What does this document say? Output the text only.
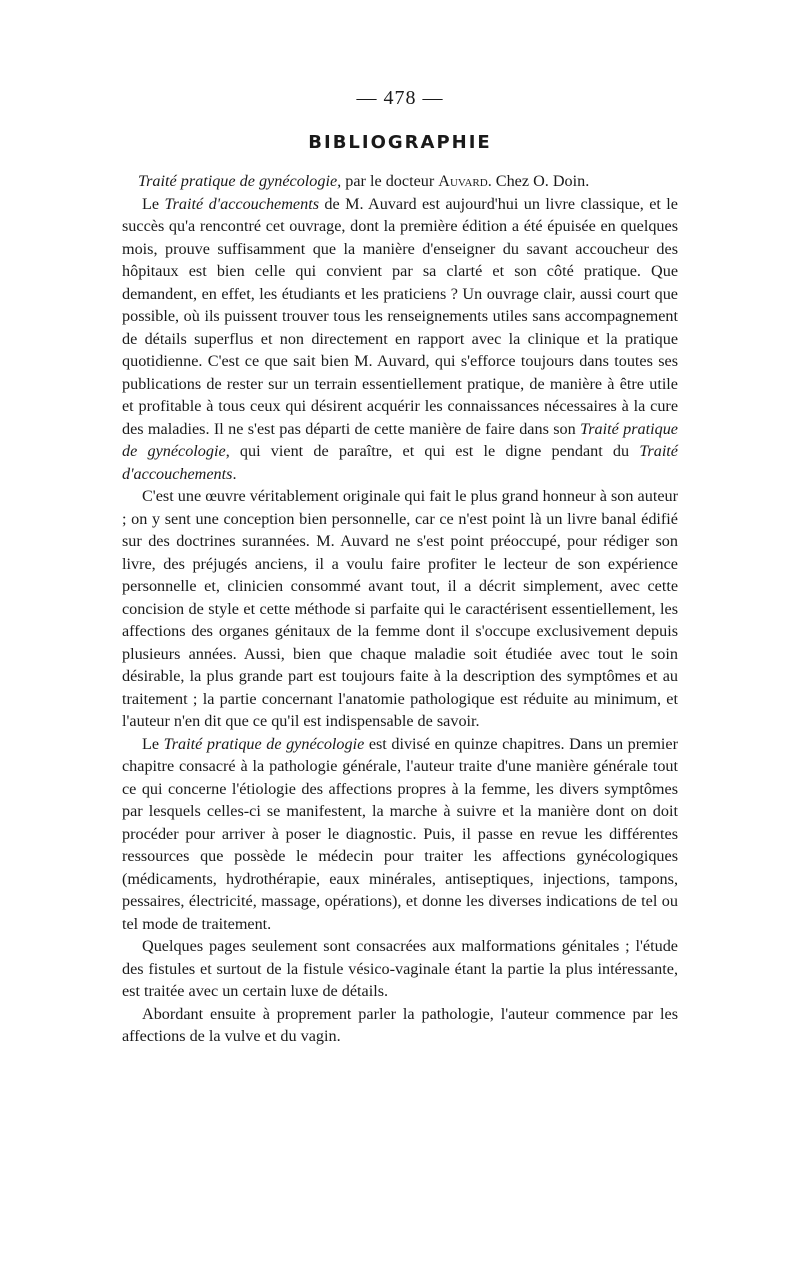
— 478 —
BIBLIOGRAPHIE

Traité pratique de gynécologie, par le docteur Auvard. Chez O. Doin.

Le Traité d'accouchements de M. Auvard est aujourd'hui un livre classique, et le succès qu'a rencontré cet ouvrage, dont la première édition a été épuisée en quelques mois, prouve suffisamment que la manière d'enseigner du savant accoucheur des hôpitaux est bien celle qui convient par sa clarté et son côté pratique. Que demandent, en effet, les étudiants et les praticiens ? Un ouvrage clair, aussi court que possible, où ils puissent trouver tous les renseignements utiles sans accompagnement de détails superflus et non directement en rapport avec la clinique et la pratique quotidienne. C'est ce que sait bien M. Auvard, qui s'efforce toujours dans toutes ses publications de rester sur un terrain essentiellement pratique, de manière à être utile et profitable à tous ceux qui désirent acquérir les connaissances nécessaires à la cure des maladies. Il ne s'est pas départi de cette manière de faire dans son Traité pratique de gynécologie, qui vient de paraître, et qui est le digne pendant du Traité d'accouchements.

C'est une œuvre véritablement originale qui fait le plus grand honneur à son auteur ; on y sent une conception bien personnelle, car ce n'est point là un livre banal édifié sur des doctrines surannées. M. Auvard ne s'est point préoccupé, pour rédiger son livre, des préjugés anciens, il a voulu faire profiter le lecteur de son expérience personnelle et, clinicien consommé avant tout, il a décrit simplement, avec cette concision de style et cette méthode si parfaite qui le caractérisent essentiellement, les affections des organes génitaux de la femme dont il s'occupe exclusivement depuis plusieurs années. Aussi, bien que chaque maladie soit étudiée avec tout le soin désirable, la plus grande part est toujours faite à la description des symptômes et au traitement ; la partie concernant l'anatomie pathologique est réduite au minimum, et l'auteur n'en dit que ce qu'il est indispensable de savoir.

Le Traité pratique de gynécologie est divisé en quinze chapitres. Dans un premier chapitre consacré à la pathologie générale, l'auteur traite d'une manière générale tout ce qui concerne l'étiologie des affections propres à la femme, les divers symptômes par lesquels celles-ci se manifestent, la marche à suivre et la manière dont on doit procéder pour arriver à poser le diagnostic. Puis, il passe en revue les différentes ressources que possède le médecin pour traiter les affections gynécologiques (médicaments, hydrothérapie, eaux minérales, antiseptiques, injections, tampons, pessaires, électricité, massage, opérations), et donne les diverses indications de tel ou tel mode de traitement.

Quelques pages seulement sont consacrées aux malformations génitales ; l'étude des fistules et surtout de la fistule vésico-vaginale étant la partie la plus intéressante, est traitée avec un certain luxe de détails.

Abordant ensuite à proprement parler la pathologie, l'auteur commence par les affections de la vulve et du vagin.
